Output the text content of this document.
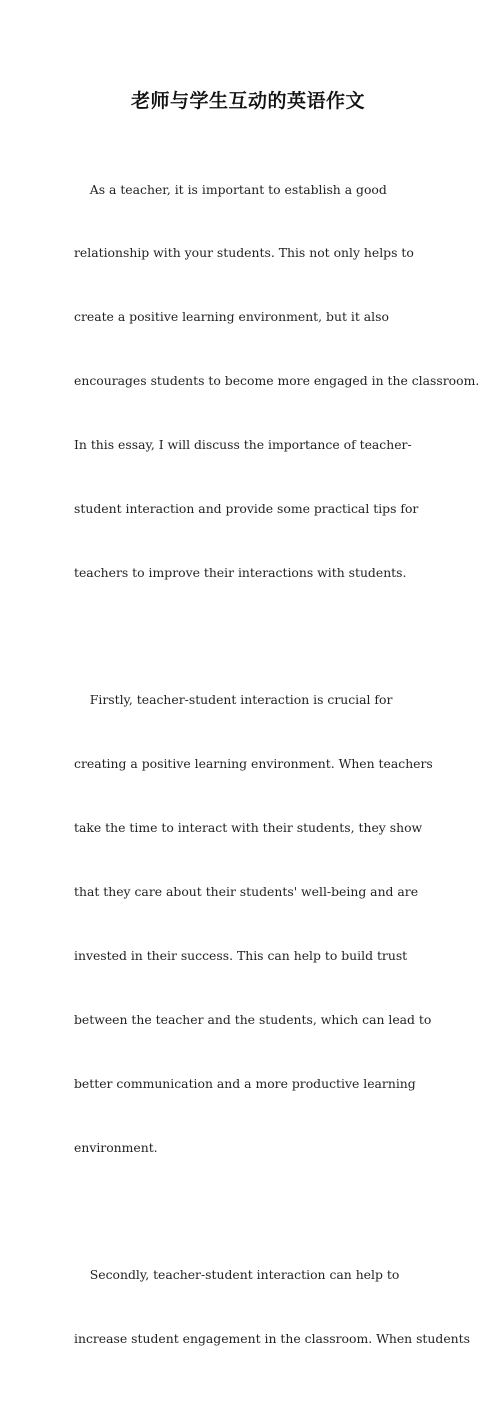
老师与学生互动的英语作文

As a teacher, it is important to establish a good

relationship with your students. This not only helps to

create a positive learning environment, but it also

encourages students to become more engaged in the classroom.

In this essay, I will discuss the importance of teacher-

student interaction and provide some practical tips for

teachers to improve their interactions with students.

Firstly, teacher-student interaction is crucial for

creating a positive learning environment. When teachers

take the time to interact with their students, they show

that they care about their students' well-being and are

invested in their success. This can help to build trust

between the teacher and the students, which can lead to

better communication and a more productive learning

environment.

Secondly, teacher-student interaction can help to

increase student engagement in the classroom. When students
